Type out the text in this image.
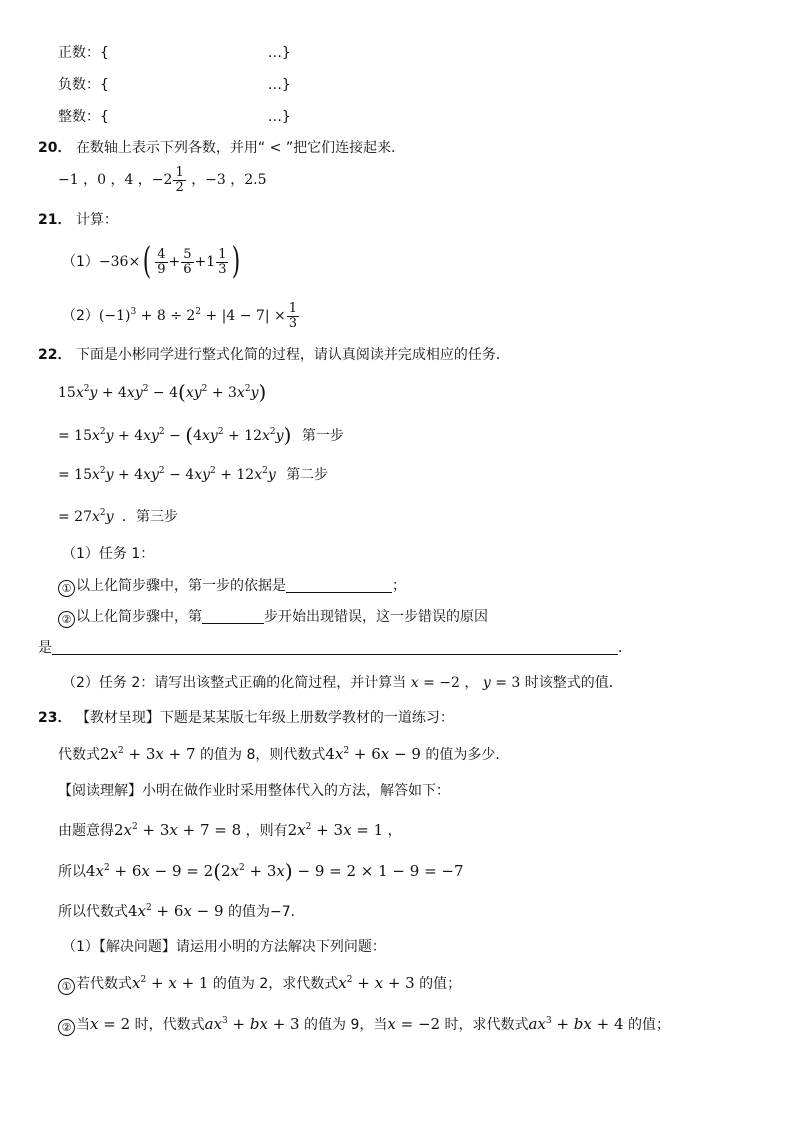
正数：{	…}
负数：{	…}
整数：{	…}
20． 在数轴上表示下列各数，并用“ < ”把它们连接起来．
−1 ，0 ，4 ，$-2 \frac{1}{2}$ ，−3 ，2.5
21． 计算：
$(1)-36\times( \frac{4}{9} + \frac{5}{6} +1 \frac{1}{3}$ )
$(2)(-1)^3 + 8 \div 2^2 + |4 - 7| \times \frac{1}{3}$
22． 下面是小彬同学进行整式化简的过程，请认真阅读并完成相应的任务．
$15x^2y + 4xy^2 - 4(xy^2 + 3x^2y)$
= $15x^2y + 4xy^2 - (4xy^2 + 12x^2y)$ 第一步
= $15x^2y + 4xy^2 - 4xy^2 + 12x^2y$ 第二步
= $27x^2y$ ．第三步
（1）任务 1：
① 以上化简步骤中，第一步的依据是	；
② 以上化简步骤中，第	步开始出现错误，这一步错误的原因
是	．
（2）任务 2：请写出该整式正确的化简过程，并计算当 x = −2 ， y = 3 时该整式的值．
23． 【教材呈现】下题是某某版七年级上册数学教材的一道练习：
代数式$2x^2 + 3x + 7$ 的值为 8，则代数式$4x^2 + 6x - 9$ 的值为多少．
【阅读理解】小明在做作业时采用整体代入的方法，解答如下：
由题意得$2x^2 + 3x + 7 = 8$ ，则有$2x^2 + 3x = 1$ ，
所以$4x^2 + 6x - 9 = 2(2x^2 + 3x) - 9 = 2 \times 1 - 9 = -7$
所以代数式$4x^2 + 6x - 9$ 的值为−7．
（1）【解决问题】请运用小明的方法解决下列问题：
① 若代数式$x^2 + x + 1$ 的值为 2，求代数式$x^2 + x + 3$ 的值；
② 当x = 2 时，代数式$ax^3$ + bx + 3 的值为 9，当x = −2 时，求代数式$ax^3$ + bx + 4 的值；
